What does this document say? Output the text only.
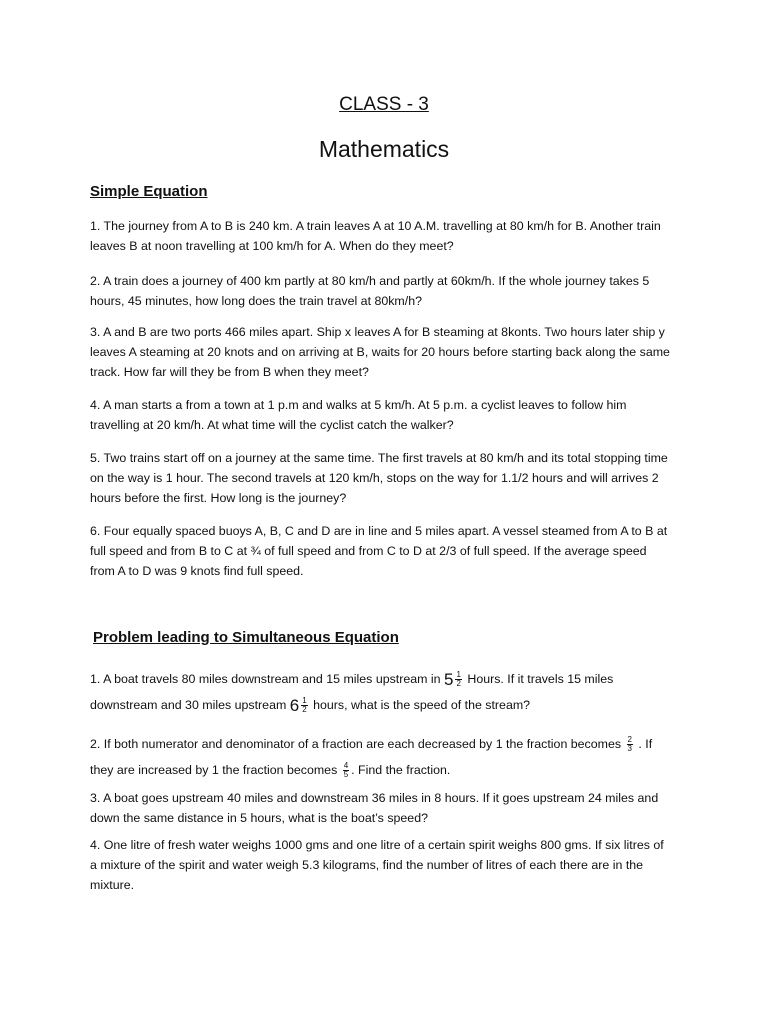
CLASS - 3
Mathematics
Simple Equation
1. The journey from A to B is 240 km. A train leaves A at 10 A.M. travelling at 80 km/h for B. Another train leaves B at noon travelling at 100 km/h for A. When do they meet?
2. A train does a journey of 400 km partly at 80 km/h and partly at 60km/h. If the whole journey takes 5 hours, 45 minutes, how long does the train travel at 80km/h?
3. A and B are two ports 466 miles apart. Ship x leaves A for B steaming at 8konts. Two hours later ship y leaves A steaming at 20 knots and on arriving at B, waits for 20 hours before starting back along the same track. How far will they be from B when they meet?
4. A man starts a from a town at 1 p.m and walks at 5 km/h. At 5 p.m. a cyclist leaves to follow him travelling at 20 km/h. At what time will the cyclist catch the walker?
5. Two trains start off on a journey at the same time. The first travels at 80 km/h and its total stopping time on the way is 1 hour. The second travels at 120 km/h, stops on the way for 1.1/2 hours and will arrives 2 hours before the first. How long is the journey?
6. Four equally spaced buoys A, B, C and D are in line and 5 miles apart. A vessel steamed from A to B at full speed and from B to C at ¾ of full speed and from C to D at 2/3 of full speed. If the average speed from A to D was 9 knots find full speed.
Problem leading to Simultaneous Equation
1. A boat travels 80 miles downstream and 15 miles upstream in $5 \frac{1}{2}$ Hours. If it travels 15 miles downstream and 30 miles upstream $6 \frac{1}{2}$ hours, what is the speed of the stream?
2. If both numerator and denominator of a fraction are each decreased by 1 the fraction becomes $\frac{2}{3}$ . If they are increased by 1 the fraction becomes $\frac{4}{5}$ . Find the fraction.
3. A boat goes upstream 40 miles and downstream 36 miles in 8 hours. If it goes upstream 24 miles and down the same distance in 5 hours, what is the boat’s speed?
4. One litre of fresh water weighs 1000 gms and one litre of a certain spirit weighs 800 gms. If six litres of a mixture of the spirit and water weigh 5.3 kilograms, find the number of litres of each there are in the mixture.
